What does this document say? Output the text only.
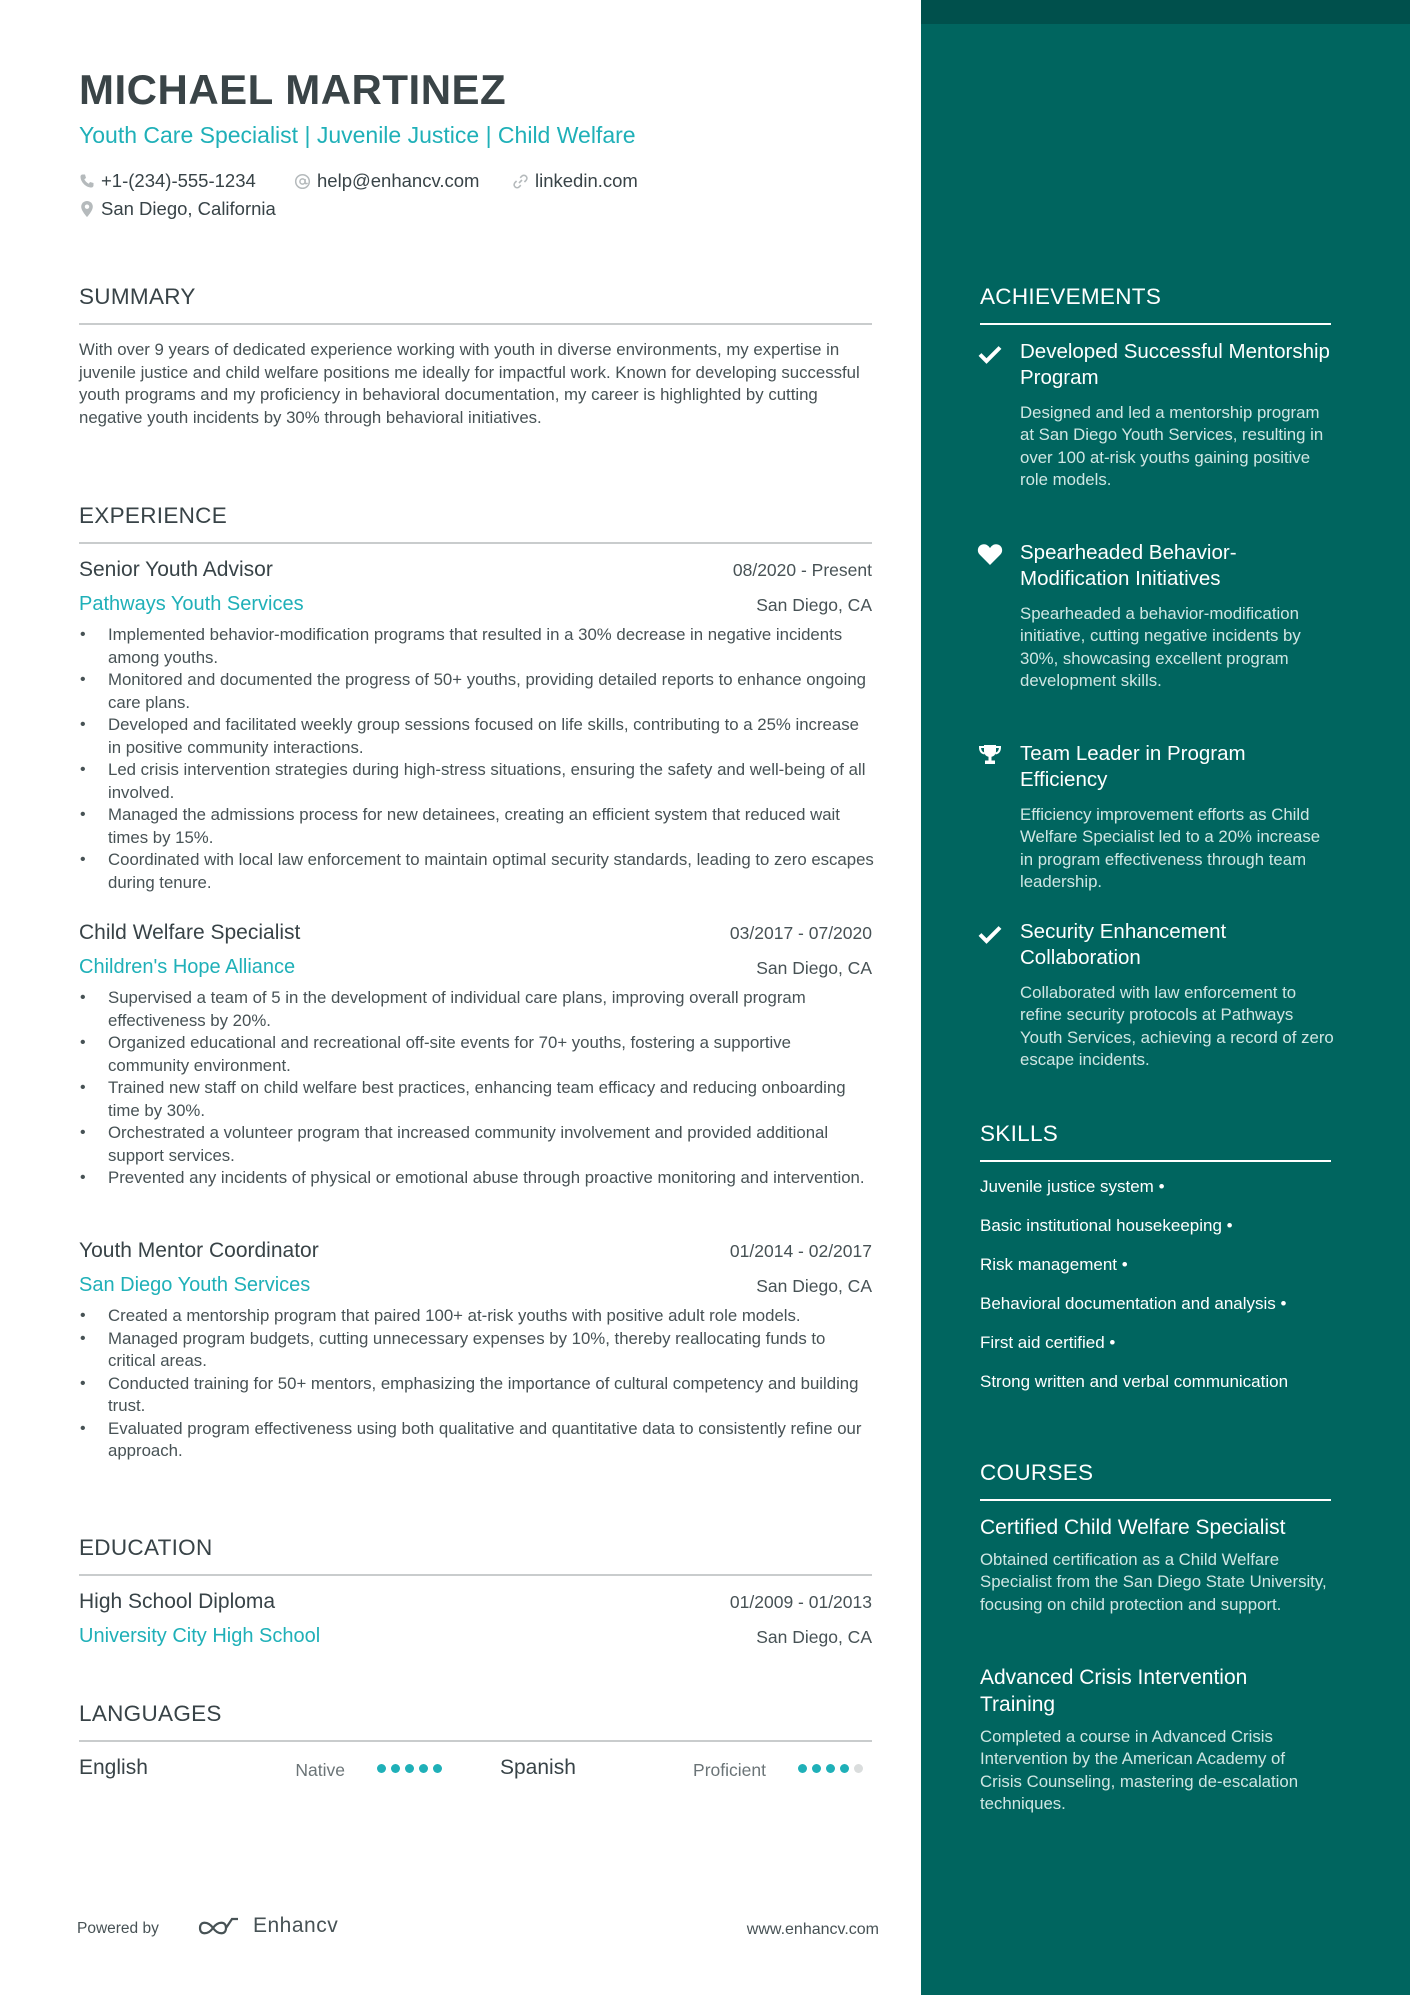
MICHAEL MARTINEZ
Youth Care Specialist | Juvenile Justice | Child Welfare
+1-(234)-555-1234	help@enhancv.com	linkedin.com
San Diego, California
SUMMARY
With over 9 years of dedicated experience working with youth in diverse environments, my expertise in juvenile justice and child welfare positions me ideally for impactful work. Known for developing successful youth programs and my proficiency in behavioral documentation, my career is highlighted by cutting negative youth incidents by 30% through behavioral initiatives.
EXPERIENCE
Senior Youth Advisor	08/2020 - Present
Pathways Youth Services	San Diego, CA
• Implemented behavior-modification programs that resulted in a 30% decrease in negative incidents among youths.
• Monitored and documented the progress of 50+ youths, providing detailed reports to enhance ongoing care plans.
• Developed and facilitated weekly group sessions focused on life skills, contributing to a 25% increase in positive community interactions.
• Led crisis intervention strategies during high-stress situations, ensuring the safety and well-being of all involved.
• Managed the admissions process for new detainees, creating an efficient system that reduced wait times by 15%.
• Coordinated with local law enforcement to maintain optimal security standards, leading to zero escapes during tenure.
Child Welfare Specialist	03/2017 - 07/2020
Children's Hope Alliance	San Diego, CA
• Supervised a team of 5 in the development of individual care plans, improving overall program effectiveness by 20%.
• Organized educational and recreational off-site events for 70+ youths, fostering a supportive community environment.
• Trained new staff on child welfare best practices, enhancing team efficacy and reducing onboarding time by 30%.
• Orchestrated a volunteer program that increased community involvement and provided additional support services.
• Prevented any incidents of physical or emotional abuse through proactive monitoring and intervention.
Youth Mentor Coordinator	01/2014 - 02/2017
San Diego Youth Services	San Diego, CA
• Created a mentorship program that paired 100+ at-risk youths with positive adult role models.
• Managed program budgets, cutting unnecessary expenses by 10%, thereby reallocating funds to critical areas.
• Conducted training for 50+ mentors, emphasizing the importance of cultural competency and building trust.
• Evaluated program effectiveness using both qualitative and quantitative data to consistently refine our approach.
EDUCATION
High School Diploma	01/2009 - 01/2013
University City High School	San Diego, CA
LANGUAGES
English	Native	Spanish	Proficient
Powered by	Enhancv	www.enhancv.com
ACHIEVEMENTS
Developed Successful Mentorship Program
Designed and led a mentorship program at San Diego Youth Services, resulting in over 100 at-risk youths gaining positive role models.
Spearheaded Behavior-Modification Initiatives
Spearheaded a behavior-modification initiative, cutting negative incidents by 30%, showcasing excellent program development skills.
Team Leader in Program Efficiency
Efficiency improvement efforts as Child Welfare Specialist led to a 20% increase in program effectiveness through team leadership.
Security Enhancement Collaboration
Collaborated with law enforcement to refine security protocols at Pathways Youth Services, achieving a record of zero escape incidents.
SKILLS
Juvenile justice system •
Basic institutional housekeeping •
Risk management •
Behavioral documentation and analysis •
First aid certified •
Strong written and verbal communication
COURSES
Certified Child Welfare Specialist
Obtained certification as a Child Welfare Specialist from the San Diego State University, focusing on child protection and support.
Advanced Crisis Intervention Training
Completed a course in Advanced Crisis Intervention by the American Academy of Crisis Counseling, mastering de-escalation techniques.
